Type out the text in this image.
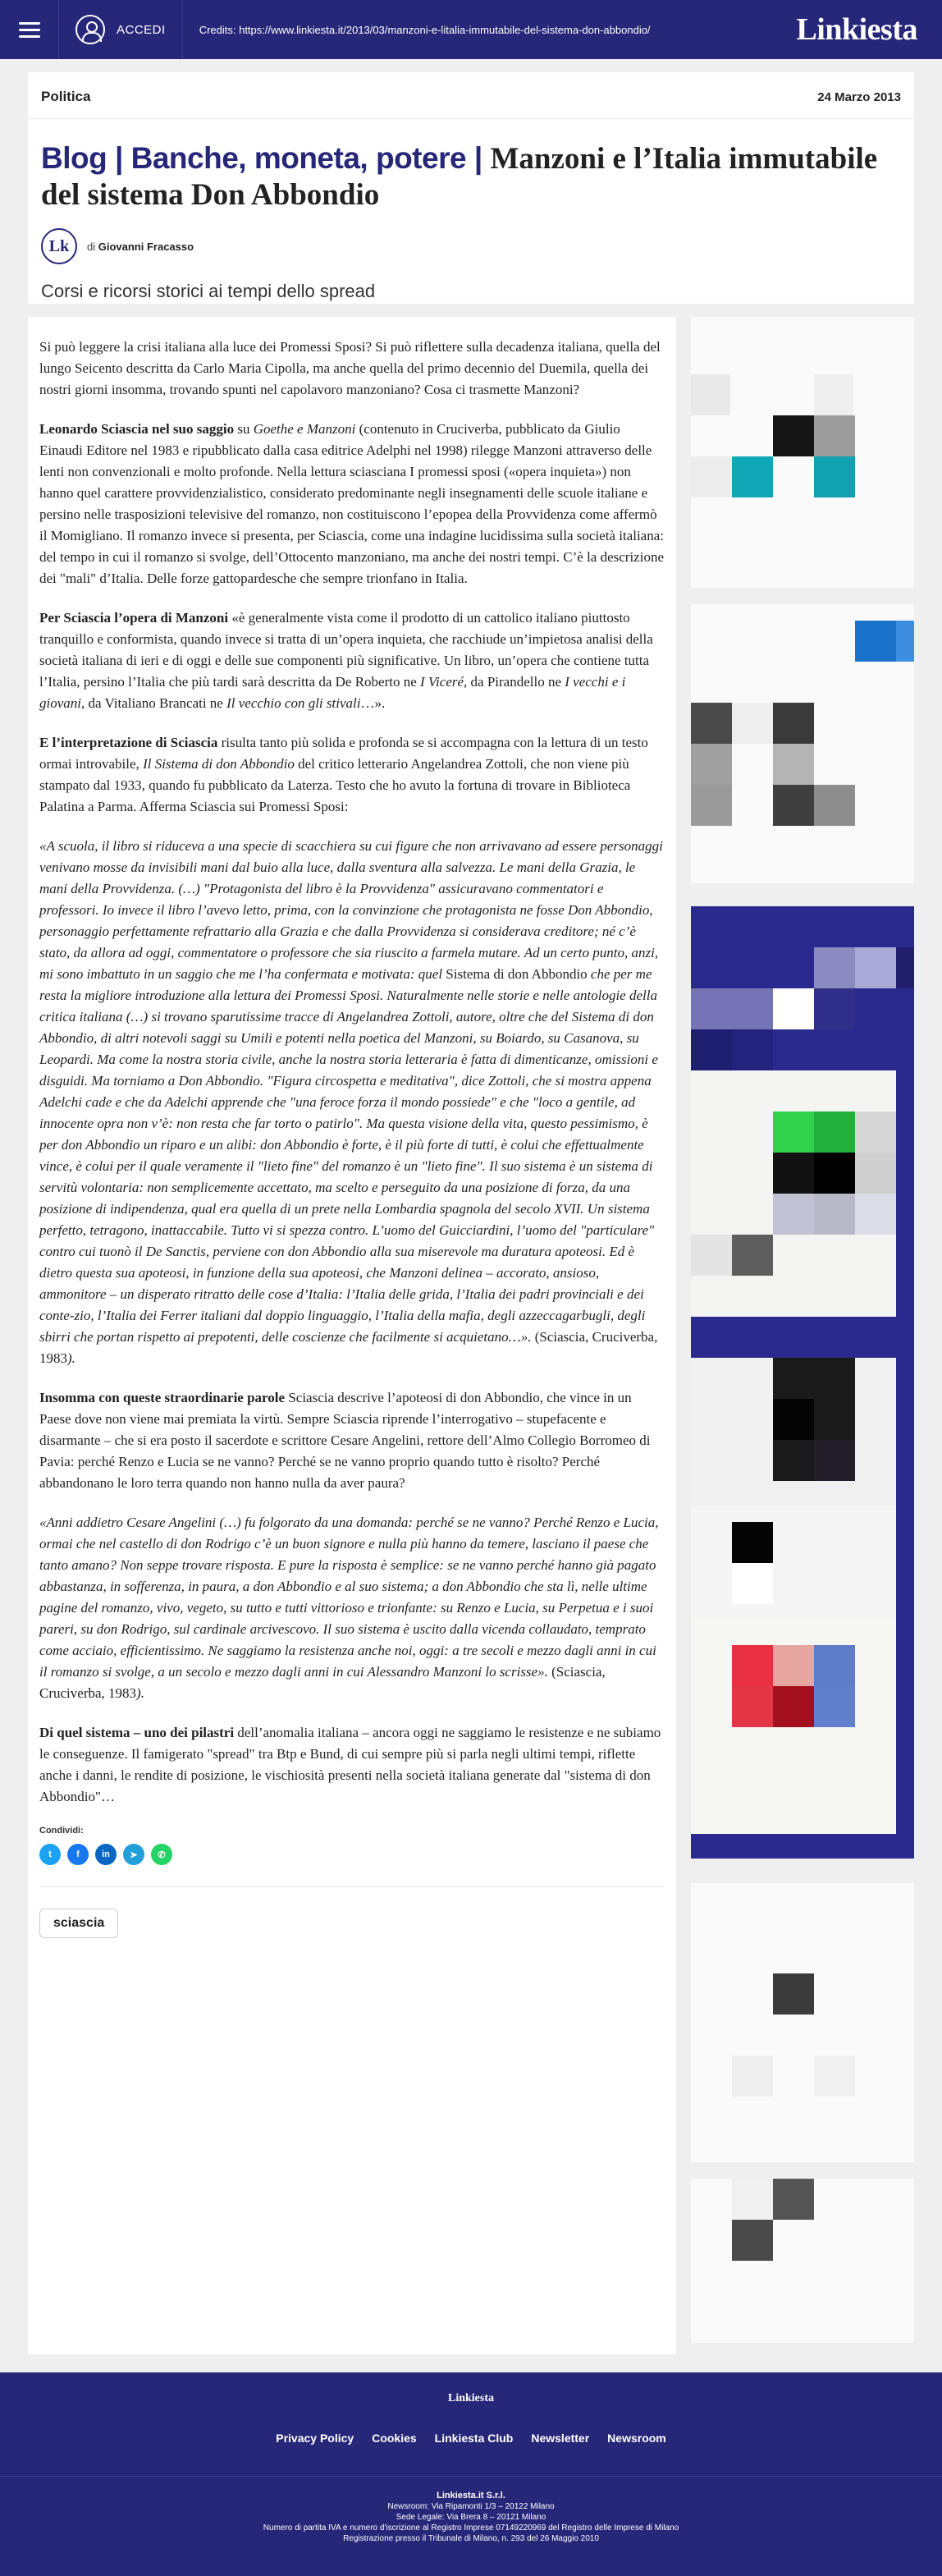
ACCEDI	Credits: https://www.linkiesta.it/2013/03/manzoni-e-litalia-immutabile-del-sistema-don-abbondio/	Linkiesta
Politica	24 Marzo 2013
Blog | Banche, moneta, potere | Manzoni e l’Italia immutabile del sistema Don Abbondio
Lk	di Giovanni Fracasso
Corsi e ricorsi storici ai tempi dello spread

Si può leggere la crisi italiana alla luce dei Promessi Sposi? Si può riflettere sulla decadenza italiana, quella del lungo Seicento descritta da Carlo Maria Cipolla, ma anche quella del primo decennio del Duemila, quella dei nostri giorni insomma, trovando spunti nel capolavoro manzoniano? Cosa ci trasmette Manzoni?

Leonardo Sciascia nel suo saggio su Goethe e Manzoni (contenuto in Cruciverba, pubblicato da Giulio Einaudi Editore nel 1983 e ripubblicato dalla casa editrice Adelphi nel 1998) rilegge Manzoni attraverso delle lenti non convenzionali e molto profonde. Nella lettura sciasciana I promessi sposi («opera inquieta») non hanno quel carattere provvidenzialistico, considerato predominante negli insegnamenti delle scuole italiane e persino nelle trasposizioni televisive del romanzo, non costituiscono l’epopea della Provvidenza come affermò il Momigliano. Il romanzo invece si presenta, per Sciascia, come una indagine lucidissima sulla società italiana: del tempo in cui il romanzo si svolge, dell’Ottocento manzoniano, ma anche dei nostri tempi. C’è la descrizione dei "mali" d’Italia. Delle forze gattopardesche che sempre trionfano in Italia.

Per Sciascia l’opera di Manzoni «è generalmente vista come il prodotto di un cattolico italiano piuttosto tranquillo e conformista, quando invece si tratta di un’opera inquieta, che racchiude un’impietosa analisi della società italiana di ieri e di oggi e delle sue componenti più significative. Un libro, un’opera che contiene tutta l’Italia, persino l’Italia che più tardi sarà descritta da De Roberto ne I Viceré, da Pirandello ne I vecchi e i giovani, da Vitaliano Brancati ne Il vecchio con gli stivali…».

E l’interpretazione di Sciascia risulta tanto più solida e profonda se si accompagna con la lettura di un testo ormai introvabile, Il Sistema di don Abbondio del critico letterario Angelandrea Zottoli, che non viene più stampato dal 1933, quando fu pubblicato da Laterza. Testo che ho avuto la fortuna di trovare in Biblioteca Palatina a Parma. Afferma Sciascia sui Promessi Sposi:

«A scuola, il libro si riduceva a una specie di scacchiera su cui figure che non arrivavano ad essere personaggi venivano mosse da invisibili mani dal buio alla luce, dalla sventura alla salvezza. Le mani della Grazia, le mani della Provvidenza. (…) "Protagonista del libro è la Provvidenza" assicuravano commentatori e professori. Io invece il libro l’avevo letto, prima, con la convinzione che protagonista ne fosse Don Abbondio, personaggio perfettamente refrattario alla Grazia e che dalla Provvidenza si considerava creditore; né c’è stato, da allora ad oggi, commentatore o professore che sia riuscito a farmela mutare. Ad un certo punto, anzi, mi sono imbattuto in un saggio che me l’ha confermata e motivata: quel Sistema di don Abbondio che per me resta la migliore introduzione alla lettura dei Promessi Sposi. Naturalmente nelle storie e nelle antologie della critica italiana (…) si trovano sparutissime tracce di Angelandrea Zottoli, autore, oltre che del Sistema di don Abbondio, di altri notevoli saggi su Umili e potenti nella poetica del Manzoni, su Boiardo, su Casanova, su Leopardi. Ma come la nostra storia civile, anche la nostra storia letteraria è fatta di dimenticanze, omissioni e disguidi. Ma torniamo a Don Abbondio. "Figura circospetta e meditativa", dice Zottoli, che si mostra appena Adelchi cade e che da Adelchi apprende che "una feroce forza il mondo possiede" e che "loco a gentile, ad innocente opra non v’è: non resta che far torto o patirlo". Ma questa visione della vita, questo pessimismo, è per don Abbondio un riparo e un alibi: don Abbondio è forte, è il più forte di tutti, è colui che effettualmente vince, è colui per il quale veramente il "lieto fine" del romanzo è un "lieto fine". Il suo sistema è un sistema di servitù volontaria: non semplicemente accettato, ma scelto e perseguito da una posizione di forza, da una posizione di indipendenza, qual era quella di un prete nella Lombardia spagnola del secolo XVII. Un sistema perfetto, tetragono, inattaccabile. Tutto vi si spezza contro. L’uomo del Guicciardini, l’uomo del "particulare" contro cui tuonò il De Sanctis, perviene con don Abbondio alla sua miserevole ma duratura apoteosi. Ed è dietro questa sua apoteosi, in funzione della sua apoteosi, che Manzoni delinea – accorato, ansioso, ammonitore – un disperato ritratto delle cose d’Italia: l’Italia delle grida, l’Italia dei padri provinciali e dei conte-zio, l’Italia dei Ferrer italiani dal doppio linguaggio, l’Italia della mafia, degli azzeccagarbugli, degli sbirri che portan rispetto ai prepotenti, delle coscienze che facilmente si acquietano…». (Sciascia, Cruciverba, 1983).

Insomma con queste straordinarie parole Sciascia descrive l’apoteosi di don Abbondio, che vince in un Paese dove non viene mai premiata la virtù. Sempre Sciascia riprende l’interrogativo – stupefacente e disarmante – che si era posto il sacerdote e scrittore Cesare Angelini, rettore dell’Almo Collegio Borromeo di Pavia: perché Renzo e Lucia se ne vanno? Perché se ne vanno proprio quando tutto è risolto? Perché abbandonano le loro terra quando non hanno nulla da aver paura?

«Anni addietro Cesare Angelini (…) fu folgorato da una domanda: perché se ne vanno? Perché Renzo e Lucia, ormai che nel castello di don Rodrigo c’è un buon signore e nulla più hanno da temere, lasciano il paese che tanto amano? Non seppe trovare risposta. E pure la risposta è semplice: se ne vanno perché hanno già pagato abbastanza, in sofferenza, in paura, a don Abbondio e al suo sistema; a don Abbondio che sta lì, nelle ultime pagine del romanzo, vivo, vegeto, su tutto e tutti vittorioso e trionfante: su Renzo e Lucia, su Perpetua e i suoi pareri, su don Rodrigo, sul cardinale arcivescovo. Il suo sistema è uscito dalla vicenda collaudato, temprato come acciaio, efficientissimo. Ne saggiamo la resistenza anche noi, oggi: a tre secoli e mezzo dagli anni in cui il romanzo si svolge, a un secolo e mezzo dagli anni in cui Alessandro Manzoni lo scrisse». (Sciascia, Cruciverba, 1983).

Di quel sistema – uno dei pilastri dell’anomalia italiana – ancora oggi ne saggiamo le resistenze e ne subiamo le conseguenze. Il famigerato "spread" tra Btp e Bund, di cui sempre più si parla negli ultimi tempi, riflette anche i danni, le rendite di posizione, le vischiosità presenti nella società italiana generate dal "sistema di don Abbondio"…

Condividi:
t	f in ➤ ✆
sciascia
Linkiesta
Privacy Policy Cookies Linkiesta Club Newsletter Newsroom
Linkiesta.it S.r.l.
Newsroom: Via Ripamonti 1/3 – 20122 Milano
Sede Legale: Via Brera 8 – 20121 Milano
Numero di partita IVA e numero d'iscrizione al Registro Imprese 07149220969 del Registro delle Imprese di Milano
Registrazione presso il Tribunale di Milano, n. 293 del 26 Maggio 2010
